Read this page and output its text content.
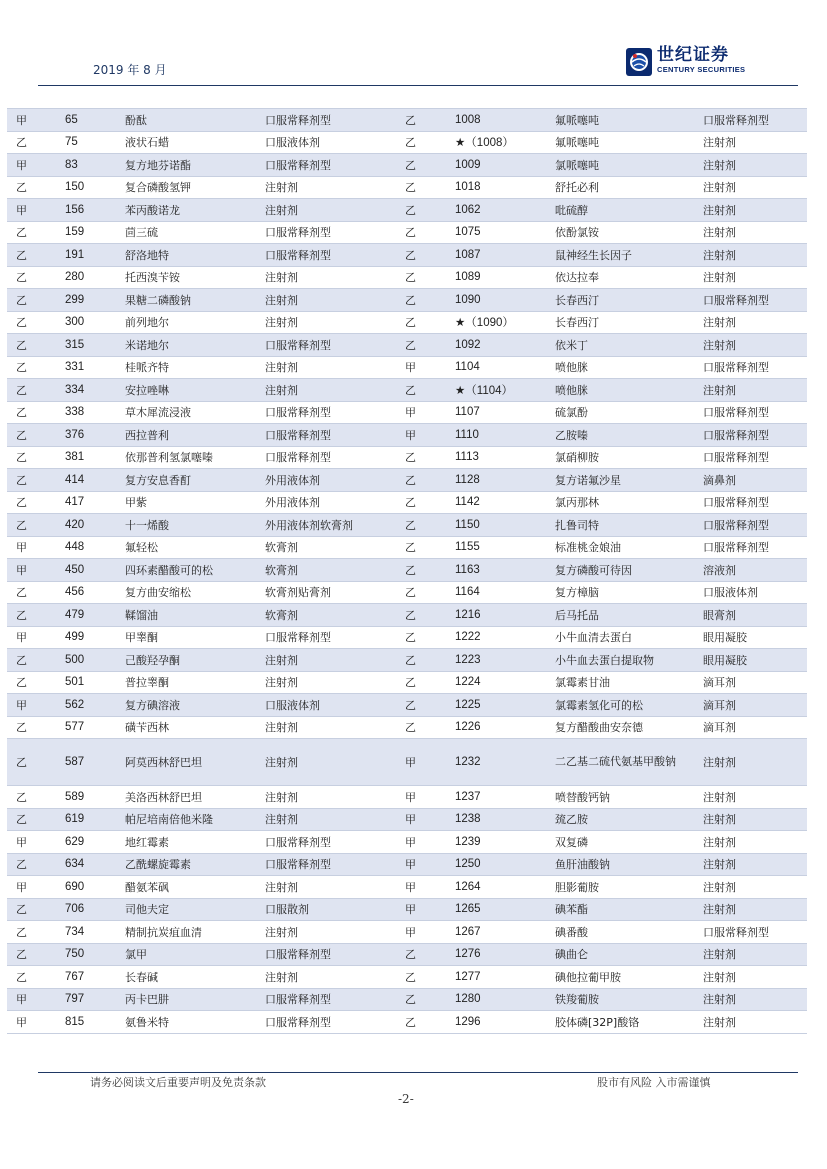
2019 年 8 月
世纪证券
CENTURY SECURITIES
甲	65	酚酞	口服常释剂型	乙	1008	氟哌噻吨	口服常释剂型
乙	75	液状石蜡	口服液体剂	乙	★（1008）	氟哌噻吨	注射剂
甲	83	复方地芬诺酯	口服常释剂型	乙	1009	氯哌噻吨	注射剂
乙	150	复合磷酸氢钾	注射剂	乙	1018	舒托必利	注射剂
甲	156	苯丙酸诺龙	注射剂	乙	1062	吡硫醇	注射剂
乙	159	茴三硫	口服常释剂型	乙	1075	依酚氯铵	注射剂
乙	191	舒洛地特	口服常释剂型	乙	1087	鼠神经生长因子	注射剂
乙	280	托西溴苄铵	注射剂	乙	1089	依达拉奉	注射剂
乙	299	果糖二磷酸钠	注射剂	乙	1090	长春西汀	口服常释剂型
乙	300	前列地尔	注射剂	乙	★（1090）	长春西汀	注射剂
乙	315	米诺地尔	口服常释剂型	乙	1092	依米丁	注射剂
乙	331	桂哌齐特	注射剂	甲	1104	喷他脒	口服常释剂型
乙	334	安拉唑啉	注射剂	乙	★（1104）	喷他脒	注射剂
乙	338	草木犀流浸液	口服常释剂型	甲	1107	硫氯酚	口服常释剂型
乙	376	西拉普利	口服常释剂型	甲	1110	乙胺嗪	口服常释剂型
乙	381	依那普利氢氯噻嗪	口服常释剂型	乙	1113	氯硝柳胺	口服常释剂型
乙	414	复方安息香酊	外用液体剂	乙	1128	复方诺氟沙星	滴鼻剂
乙	417	甲紫	外用液体剂	乙	1142	氯丙那林	口服常释剂型
乙	420	十一烯酸	外用液体剂软膏剂	乙	1150	扎鲁司特	口服常释剂型
甲	448	氟轻松	软膏剂	乙	1155	标准桃金娘油	口服常释剂型
甲	450	四环素醋酸可的松	软膏剂	乙	1163	复方磷酸可待因	溶液剂
乙	456	复方曲安缩松	软膏剂贴膏剂	乙	1164	复方樟脑	口服液体剂
乙	479	鞣馏油	软膏剂	乙	1216	后马托品	眼膏剂
甲	499	甲睾酮	口服常释剂型	乙	1222	小牛血清去蛋白	眼用凝胶
乙	500	己酸羟孕酮	注射剂	乙	1223	小牛血去蛋白提取物	眼用凝胶
乙	501	普拉睾酮	注射剂	乙	1224	氯霉素甘油	滴耳剂
甲	562	复方碘溶液	口服液体剂	乙	1225	氯霉素氢化可的松	滴耳剂
乙	577	磺苄西林	注射剂	乙	1226	复方醋酸曲安奈德	滴耳剂
乙	587	阿莫西林舒巴坦	注射剂	甲	1232	二乙基二硫代氨基甲酸钠	注射剂
乙	589	美洛西林舒巴坦	注射剂	甲	1237	喷替酸钙钠	注射剂
乙	619	帕尼培南倍他米隆	注射剂	甲	1238	巯乙胺	注射剂
甲	629	地红霉素	口服常释剂型	甲	1239	双复磷	注射剂
乙	634	乙酰螺旋霉素	口服常释剂型	甲	1250	鱼肝油酸钠	注射剂
甲	690	醋氨苯砜	注射剂	甲	1264	胆影葡胺	注射剂
乙	706	司他夫定	口服散剂	甲	1265	碘苯酯	注射剂
乙	734	精制抗炭疽血清	注射剂	甲	1267	碘番酸	口服常释剂型
乙	750	氯甲	口服常释剂型	乙	1276	碘曲仑	注射剂
乙	767	长春碱	注射剂	乙	1277	碘他拉葡甲胺	注射剂
甲	797	丙卡巴肼	口服常释剂型	乙	1280	铁羧葡胺	注射剂
甲	815	氨鲁米特	口服常释剂型	乙	1296	胶体磷[32P]酸铬	注射剂
请务必阅读文后重要声明及免责条款	股市有风险 入市需谨慎
-2-
